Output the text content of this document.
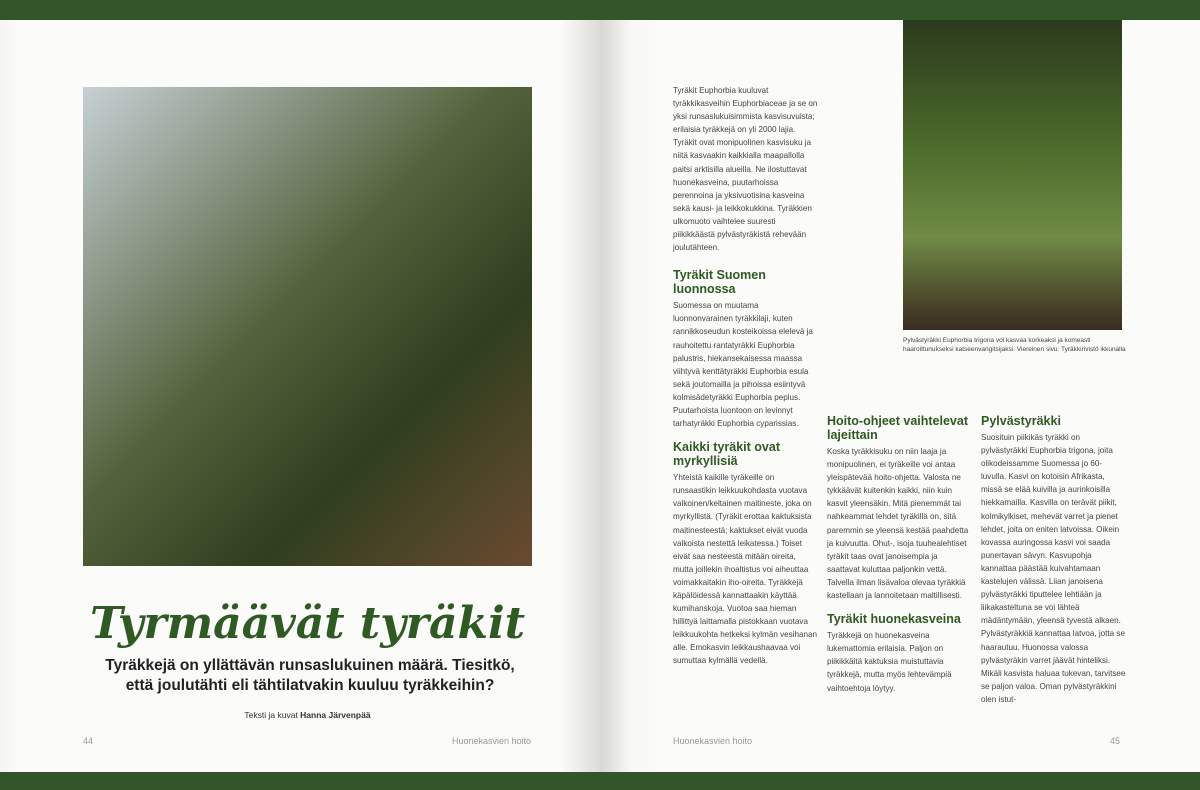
Tyrmäävät tyräkit
Tyräkkejä on yllättävän runsaslukuinen määrä. Tiesitkö, että joulutähti eli tähtilatvakin kuuluu tyräkkeihin?
Teksti ja kuvat Hanna Järvenpää
44	Huonekasvien hoito
Pylvästyräkki Euphorbia trigona voi kasvaa korkeaksi ja komeasti haaroittunukseksi katseenvangitsijaksi. Viereinen sivu: Tyräkkirivistö ikkunalla

Tyräkit Euphorbia kuuluvat tyräkkikasveihin Euphorbiaceae ja se on yksi runsaslukuisimmista kasvisuvuista; erilaisia tyräkkejä on yli 2000 lajia. Tyräkit ovat monipuolinen kasvisuku ja niitä kasvaakin kaikkialla maapallolla paitsi arktisilla alueilla. Ne ilostuttavat huonekasveina, puutarhoissa perennoina ja yksivuotisina kasveina sekä kausi- ja leikkokukkina. Tyräkkien ulkomuoto vaihtelee suuresti piikikkäästä pylvästyräkistä rehevään joulutähteen.

Tyräkit Suomen luonnossa

Suomessa on muutama luonnonvarainen tyräkkilaji, kuten rannikkoseudun kosteikoissa elelevä ja rauhoitettu rantatyräkki Euphorbia palustris, hiekansekaisessa maassa viihtyvä kenttätyräkki Euphorbia esula sekä joutomailla ja pihoissa esiintyvä kolmisädetyräkki Euphorbia peplus. Puutarhoista luontoon on levinnyt tarhatyräkki Euphorbia cyparissias.

Kaikki tyräkit ovat myrkyllisiä

Yhteistä kaikille tyräkeille on runsaastikin leikkuukohdasta vuotava valkoinen/keltainen maitineste, joka on myrkyllistä. (Tyräkit erottaa kaktuksista maitinesteestä; kaktukset eivät vuoda valkoista nestettä leikatessa.) Toiset eivät saa nesteestä mitään oireita, mutta joillekin ihoaltistus voi aiheuttaa voimakkaitakin iho-oireita. Tyräkkejä käpälöidessä kannattaakin käyttää kumihanskoja. Vuotoa saa hieman hillittyä laittamalla pistokkaan vuotava leikkuukohta hetkeksi kylmän vesihanan alle. Emokasvin leikkaushaavaa voi sumuttaa kylmällä vedellä.

Hoito-ohjeet vaihtelevat lajeittain

Koska tyräkkisuku on niin laaja ja monipuolinen, ei tyräkeille voi antaa yleispätevää hoito-ohjetta. Valosta ne tykkäävät kuitenkin kaikki, niin kuin kasvit yleensäkin. Mitä pienemmät tai nahkeammat lehdet tyräkillä on, sitä paremmin se yleensä kestää paahdetta ja kuivuutta. Ohut-, isoja tuuhealehtiset tyräkit taas ovat janoisempia ja saattavat kuluttaa paljonkin vettä. Talvella ilman lisävaloa olevaa tyräkkiä kastellaan ja lannoitetaan maltillisesti.

Tyräkit huonekasveina

Tyräkkejä on huonekasveina lukemattomia erilaisia. Paljon on piikikkäitä kaktuksia muistuttavia tyräkkejä, mutta myös lehtevämpiä vaihtoehtoja löytyy.

Pylvästyräkki

Suosituin piikikäs tyräkki on pylvästyräkki Euphorbia trigona, joita olikodeissamme Suomessa jo 60-luvulla. Kasvi on kotoisin Afrikasta, missä se elää kuivilla ja aurinkoisilla hiekkamailla. Kasvilla on terävät piikit, kolmikylkiset, mehevät varret ja pienet lehdet, joita on eniten latvoissa. Oikein kovassa auringossa kasvi voi saada punertavan sävyn. Kasvupohja kannattaa päästää kuivahtamaan kastelujen välissä. Liian janoisena pylvästyräkki tiputtelee lehtiään ja liikakasteltuna se voi lähteä mädäntymään, yleensä tyvestä alkaen. Pylvästyräkkiä kannattaa latvoa, jotta se haarautuu. Huonossa valossa pylvästyräkin varret jäävät hinteliksi. Mikäli kasvista haluaa tukevan, tarvitsee se paljon valoa. Oman pylvästyräkkini olen istut-

Huonekasvien hoito	45
